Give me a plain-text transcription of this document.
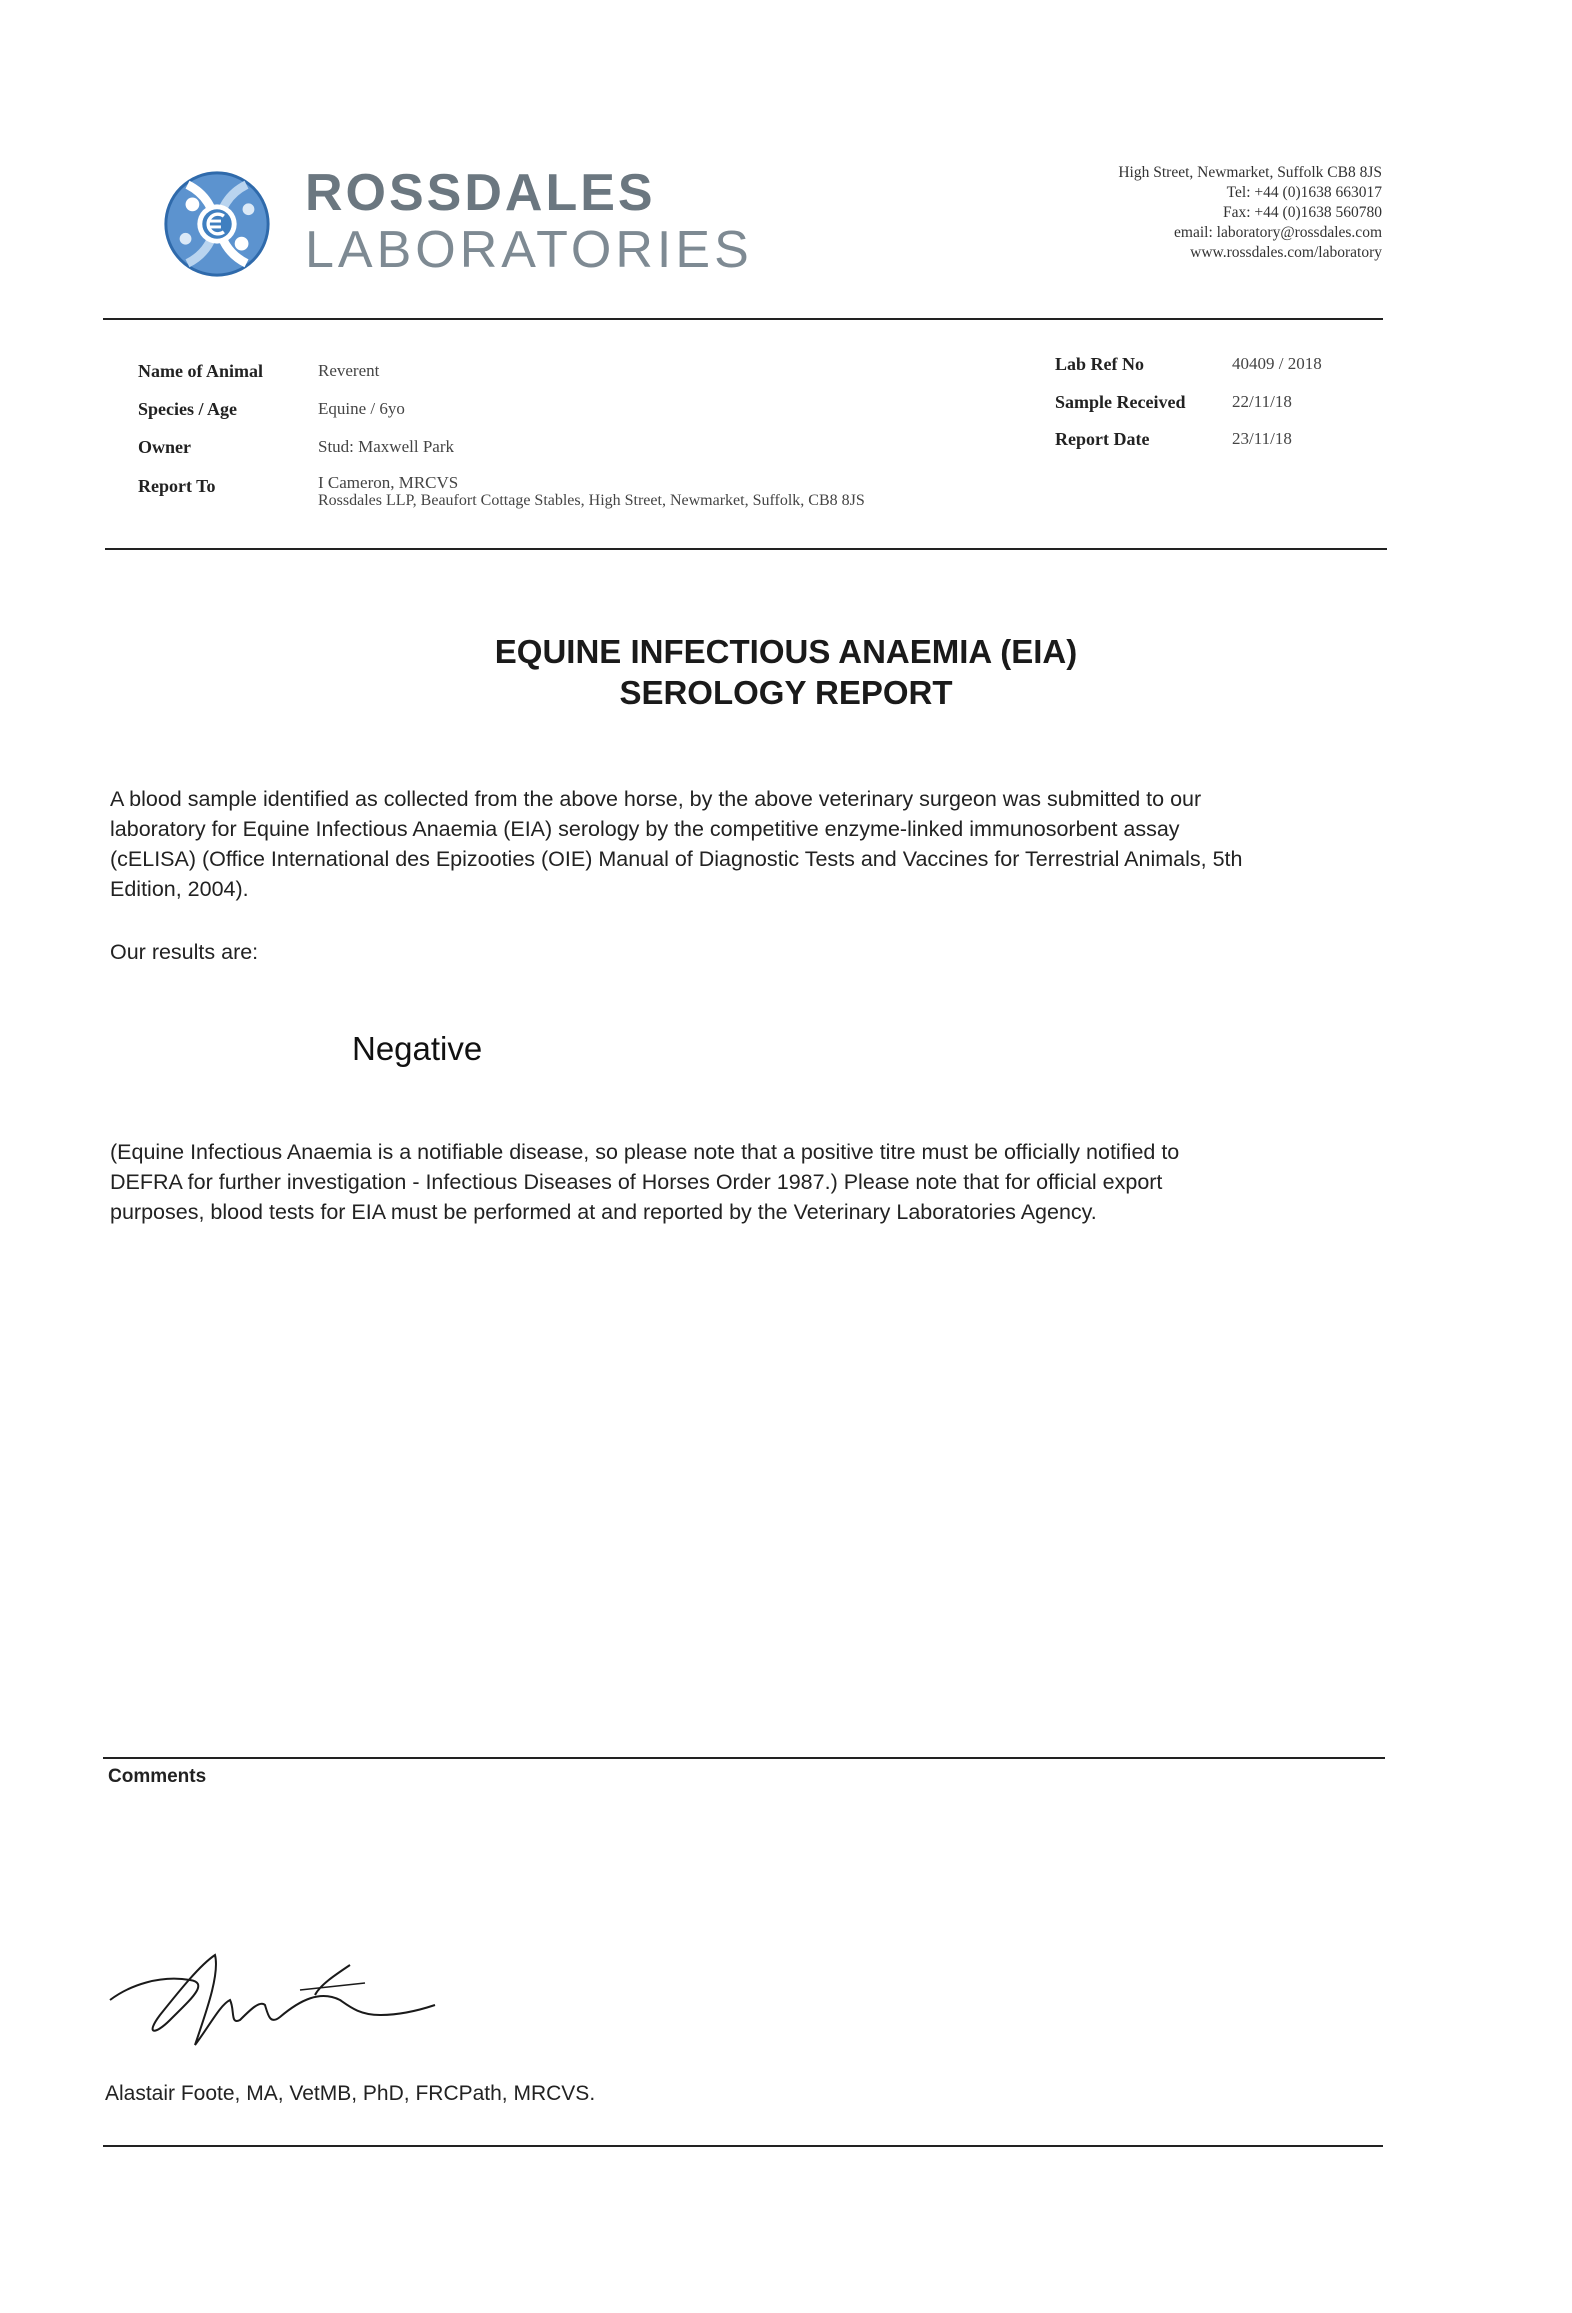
ROSSDALES
LABORATORIES
High Street, Newmarket, Suffolk CB8 8JS
Tel: +44 (0)1638 663017
Fax: +44 (0)1638 560780
email: laboratory@rossdales.com
www.rossdales.com/laboratory
Name of Animal	Reverent
Species / Age	Equine / 6yo
Owner	Stud: Maxwell Park
Report To	I Cameron, MRCVS
Rossdales LLP, Beaufort Cottage Stables, High Street, Newmarket, Suffolk, CB8 8JS
Lab Ref No	40409 / 2018
Sample Received	22/11/18
Report Date	23/11/18
EQUINE INFECTIOUS ANAEMIA (EIA)
SEROLOGY REPORT
A blood sample identified as collected from the above horse, by the above veterinary surgeon was submitted to our
laboratory for Equine Infectious Anaemia (EIA) serology by the competitive enzyme-linked immunosorbent assay
(cELISA) (Office International des Epizooties (OIE) Manual of Diagnostic Tests and Vaccines for Terrestrial Animals, 5th
Edition, 2004).
Our results are:
Negative
(Equine Infectious Anaemia is a notifiable disease, so please note that a positive titre must be officially notified to
DEFRA for further investigation - Infectious Diseases of Horses Order 1987.) Please note that for official export
purposes, blood tests for EIA must be performed at and reported by the Veterinary Laboratories Agency.
Comments
Alastair Foote, MA, VetMB, PhD, FRCPath, MRCVS.
